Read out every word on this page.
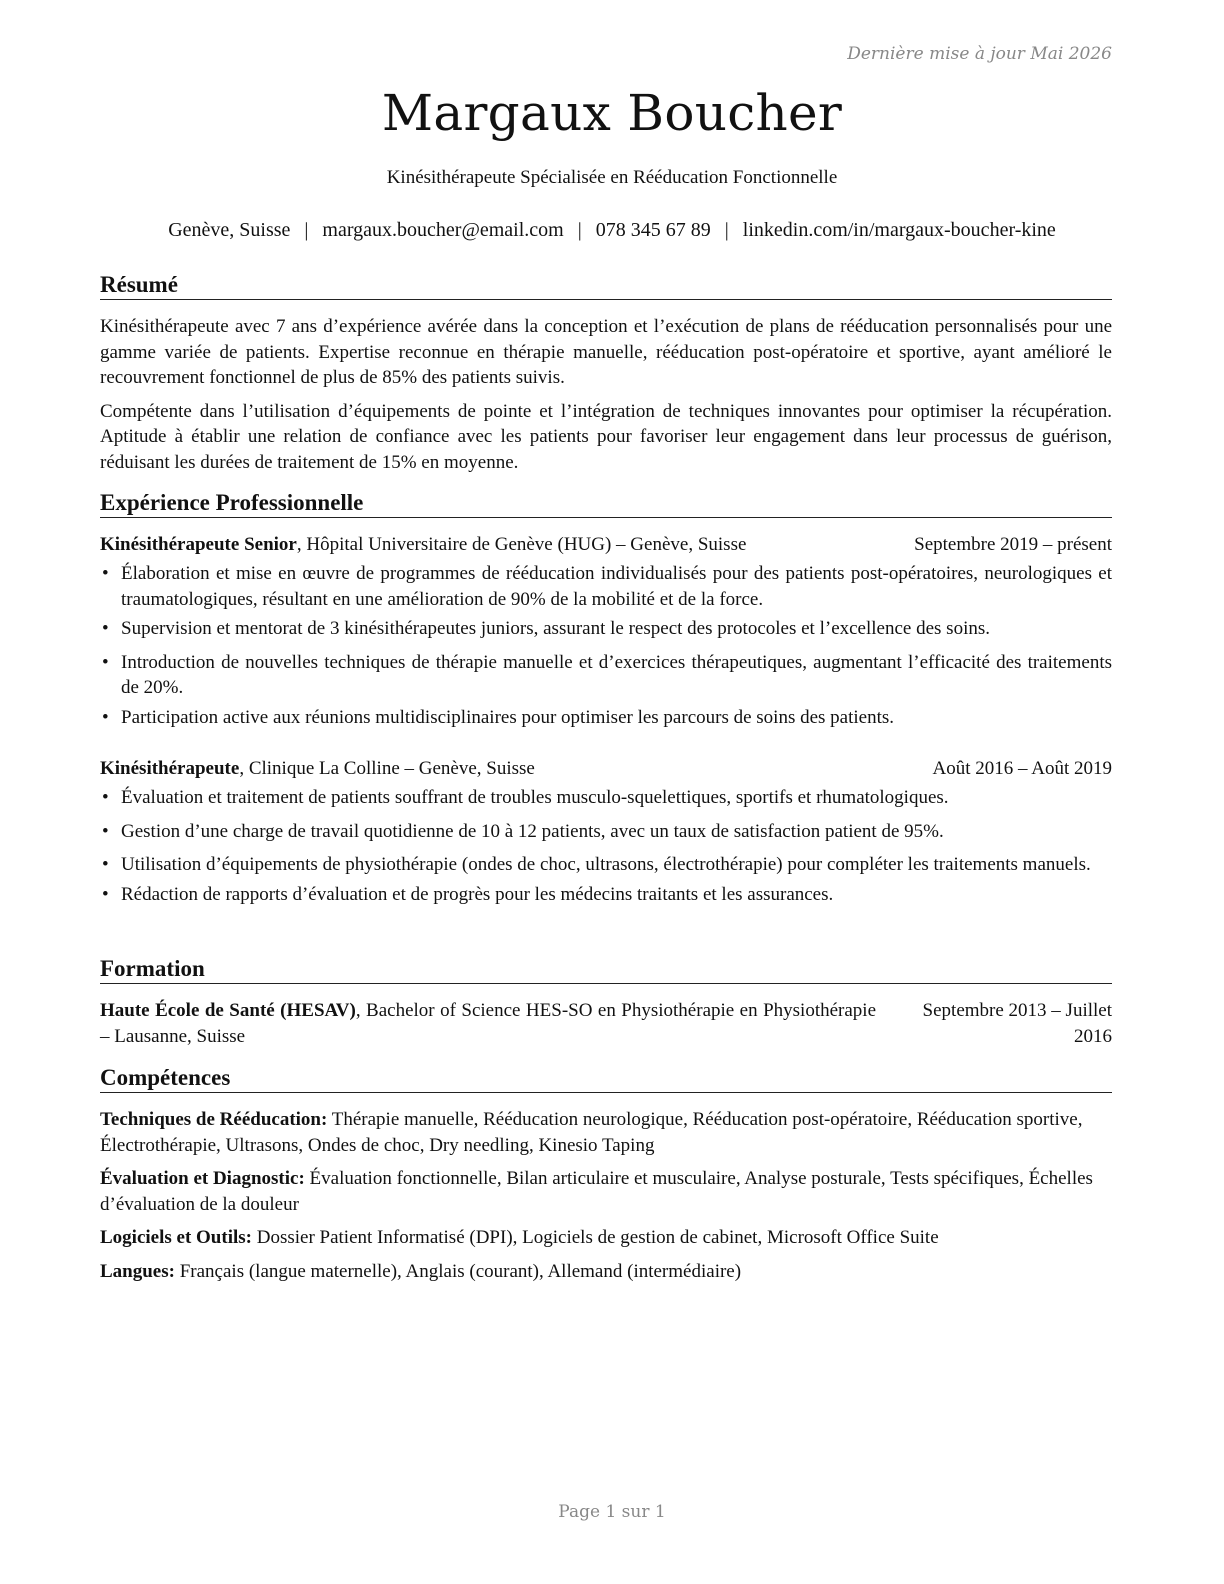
Dernière mise à jour Mai 2026
Margaux Boucher
Kinésithérapeute Spécialisée en Rééducation Fonctionnelle
Genève, Suisse | margaux.boucher@email.com | 078 345 67 89 | linkedin.com/in/margaux-boucher-kine
Résumé

Kinésithérapeute avec 7 ans d’expérience avérée dans la conception et l’exécution de plans de rééducation personnalisés pour une gamme variée de patients. Expertise reconnue en thérapie manuelle, rééducation post-opératoire et sportive, ayant amélioré le recouvrement fonctionnel de plus de 85% des patients suivis.

Compétente dans l’utilisation d’équipements de pointe et l’intégration de techniques innovantes pour optimiser la récupération. Aptitude à établir une relation de confiance avec les patients pour favoriser leur engagement dans leur processus de guérison, réduisant les durées de traitement de 15% en moyenne.

Expérience Professionnelle
Kinésithérapeute Senior, Hôpital Universitaire de Genève (HUG) – Genève, Suisse	Septembre 2019 – présent
• Élaboration et mise en œuvre de programmes de rééducation individualisés pour des patients post-opératoires, neurologiques et traumatologiques, résultant en une amélioration de 90% de la mobilité et de la force.
• Supervision et mentorat de 3 kinésithérapeutes juniors, assurant le respect des protocoles et l’excellence des soins.
• Introduction de nouvelles techniques de thérapie manuelle et d’exercices thérapeutiques, augmentant l’efficacité des traitements de 20%.
• Participation active aux réunions multidisciplinaires pour optimiser les parcours de soins des patients.
Kinésithérapeute, Clinique La Colline – Genève, Suisse	Août 2016 – Août 2019
• Évaluation et traitement de patients souffrant de troubles musculo-squelettiques, sportifs et rhumatologiques.
• Gestion d’une charge de travail quotidienne de 10 à 12 patients, avec un taux de satisfaction patient de 95%.
• Utilisation d’équipements de physiothérapie (ondes de choc, ultrasons, électrothérapie) pour compléter les traitements manuels.
• Rédaction de rapports d’évaluation et de progrès pour les médecins traitants et les assurances.
Formation
Haute École de Santé (HESAV), Bachelor of Science HES-SO en Physiothérapie en Physiothérapie – Lausanne, Suisse
Septembre 2013 – Juillet 2016
Compétences

Techniques de Rééducation: Thérapie manuelle, Rééducation neurologique, Rééducation post-opératoire, Rééducation sportive, Électrothérapie, Ultrasons, Ondes de choc, Dry needling, Kinesio Taping

Évaluation et Diagnostic: Évaluation fonctionnelle, Bilan articulaire et musculaire, Analyse posturale, Tests spécifiques, Échelles d’évaluation de la douleur

Logiciels et Outils: Dossier Patient Informatisé (DPI), Logiciels de gestion de cabinet, Microsoft Office Suite

Langues: Français (langue maternelle), Anglais (courant), Allemand (intermédiaire)

Page 1 sur 1
